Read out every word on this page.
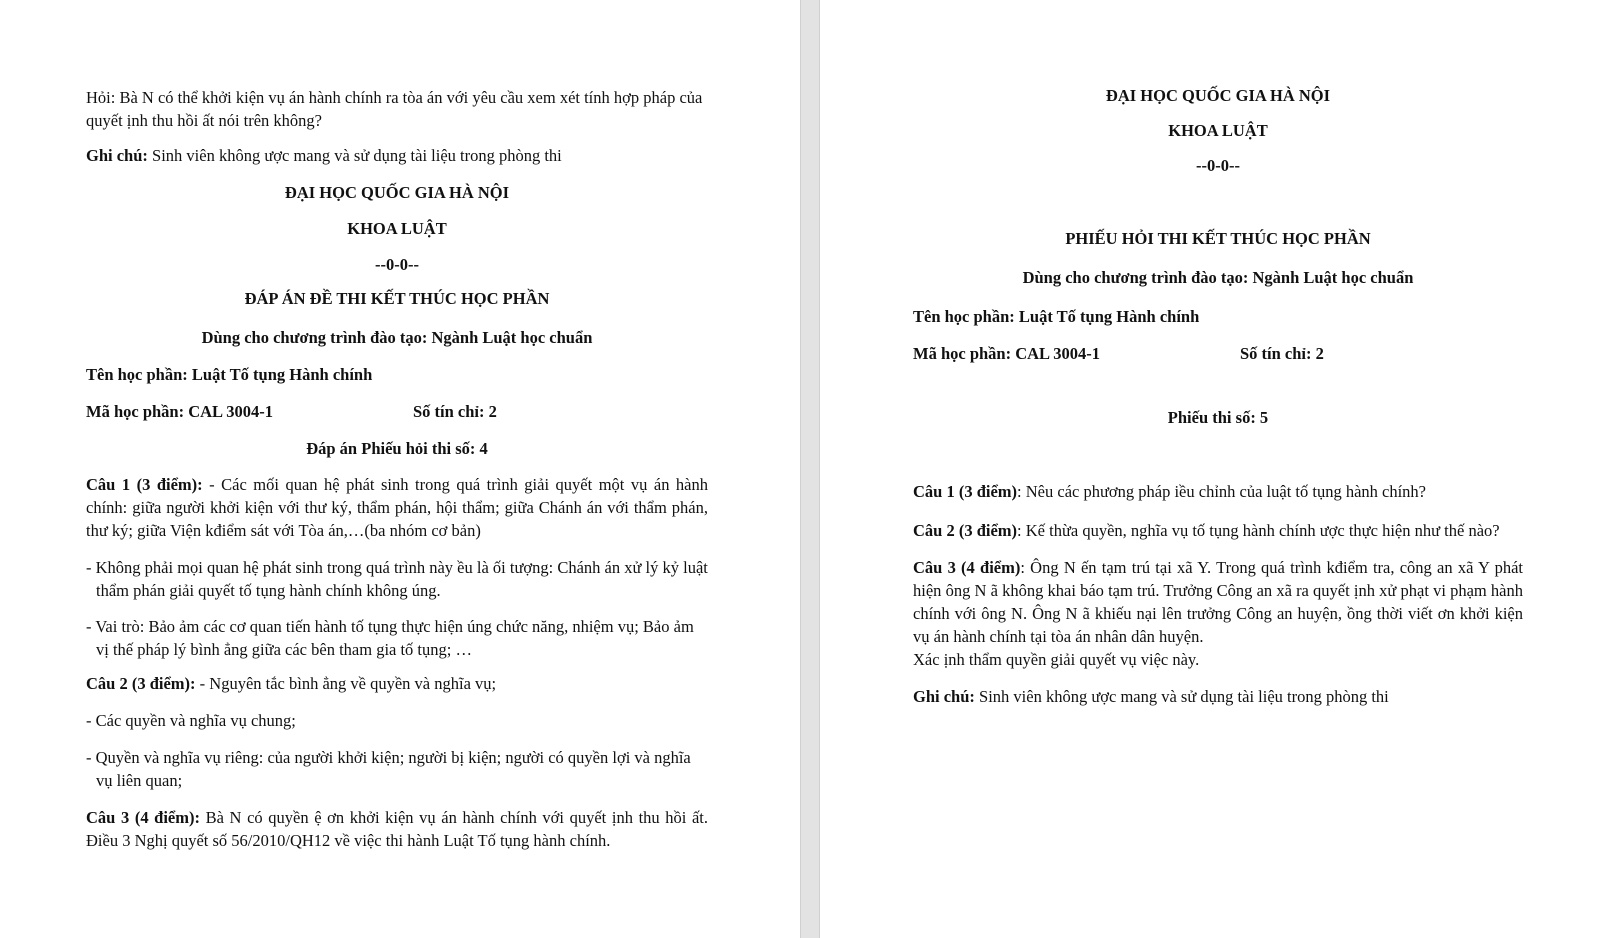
Hỏi: Bà N có thể khởi kiện vụ án hành chính ra tòa án với yêu cầu xem xét tính hợp pháp của quyết ịnh thu hồi ất nói trên không?

Ghi chú: Sinh viên không ược mang và sử dụng tài liệu trong phòng thi

ĐẠI HỌC QUỐC GIA HÀ NỘI

KHOA LUẬT

--0-0--

ĐÁP ÁN ĐỀ THI KẾT THÚC HỌC PHẦN

Dùng cho chương trình đào tạo: Ngành Luật học chuẩn

Tên học phần: Luật Tố tụng Hành chính

Mã học phần: CAL 3004-1	Số tín chỉ: 2

Đáp án Phiếu hỏi thi số: 4

Câu 1 (3 điểm): - Các mối quan hệ phát sinh trong quá trình giải quyết một vụ án hành chính: giữa người khởi kiện với thư ký, thẩm phán, hội thẩm; giữa Chánh án với thẩm phán, thư ký; giữa Viện kđiểm sát với Tòa án,…(ba nhóm cơ bản)

- Không phải mọi quan hệ phát sinh trong quá trình này ều là ối tượng: Chánh án xử lý kỷ luật thẩm phán giải quyết tố tụng hành chính không úng.

- Vai trò: Bảo ảm các cơ quan tiến hành tố tụng thực hiện úng chức năng, nhiệm vụ; Bảo ảm vị thế pháp lý bình ẳng giữa các bên tham gia tố tụng; …

Câu 2 (3 điểm): - Nguyên tắc bình ẳng về quyền và nghĩa vụ;

- Các quyền và nghĩa vụ chung;

- Quyền và nghĩa vụ riêng: của người khởi kiện; người bị kiện; người có quyền lợi và nghĩa vụ liên quan;

Câu 3 (4 điểm): Bà N có quyền ệ ơn khởi kiện vụ án hành chính với quyết ịnh thu hồi ất. Điều 3 Nghị quyết số 56/2010/QH12 về việc thi hành Luật Tố tụng hành chính.

ĐẠI HỌC QUỐC GIA HÀ NỘI

KHOA LUẬT

--0-0--

PHIẾU HỎI THI KẾT THÚC HỌC PHẦN

Dùng cho chương trình đào tạo: Ngành Luật học chuẩn

Tên học phần: Luật Tố tụng Hành chính

Mã học phần: CAL 3004-1	Số tín chỉ: 2

Phiếu thi số: 5

Câu 1 (3 điểm): Nêu các phương pháp iều chỉnh của luật tố tụng hành chính?

Câu 2 (3 điểm): Kế thừa quyền, nghĩa vụ tố tụng hành chính ược thực hiện như thế nào?

Câu 3 (4 điểm): Ông N ến tạm trú tại xã Y. Trong quá trình kđiểm tra, công an xã Y phát hiện ông N ã không khai báo tạm trú. Trưởng Công an xã ra quyết ịnh xử phạt vi phạm hành chính với ông N. Ông N ã khiếu nại lên trưởng Công an huyện, ồng thời viết ơn khởi kiện vụ án hành chính tại tòa án nhân dân huyện.

Xác ịnh thẩm quyền giải quyết vụ việc này.

Ghi chú: Sinh viên không ược mang và sử dụng tài liệu trong phòng thi
